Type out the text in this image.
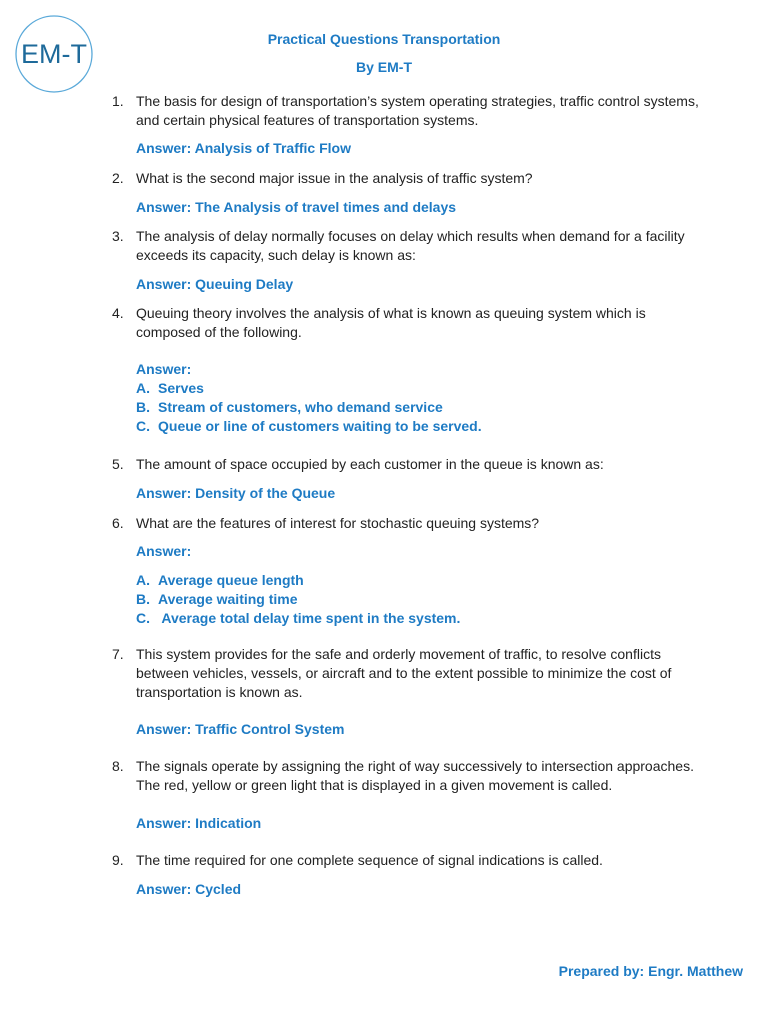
EM-T	Practical Questions Transportation
By EM-T
1. The basis for design of transportation’s system operating strategies, traffic control systems, and certain physical features of transportation systems.
Answer: Analysis of Traffic Flow
2. What is the second major issue in the analysis of traffic system?
Answer: The Analysis of travel times and delays
3. The analysis of delay normally focuses on delay which results when demand for a facility exceeds its capacity, such delay is known as:
Answer: Queuing Delay
4. Queuing theory involves the analysis of what is known as queuing system which is composed of the following.
Answer:
A. Serves
B. Stream of customers, who demand service
C. Queue or line of customers waiting to be served.
5. The amount of space occupied by each customer in the queue is known as:
Answer: Density of the Queue
6. What are the features of interest for stochastic queuing systems?
Answer:
A. Average queue length
B. Average waiting time
C. Average total delay time spent in the system.
7. This system provides for the safe and orderly movement of traffic, to resolve conflicts between vehicles, vessels, or aircraft and to the extent possible to minimize the cost of transportation is known as.
Answer: Traffic Control System
8. The signals operate by assigning the right of way successively to intersection approaches. The red, yellow or green light that is displayed in a given movement is called.
Answer: Indication
9. The time required for one complete sequence of signal indications is called.
Answer: Cycled
Prepared by: Engr. Matthew
